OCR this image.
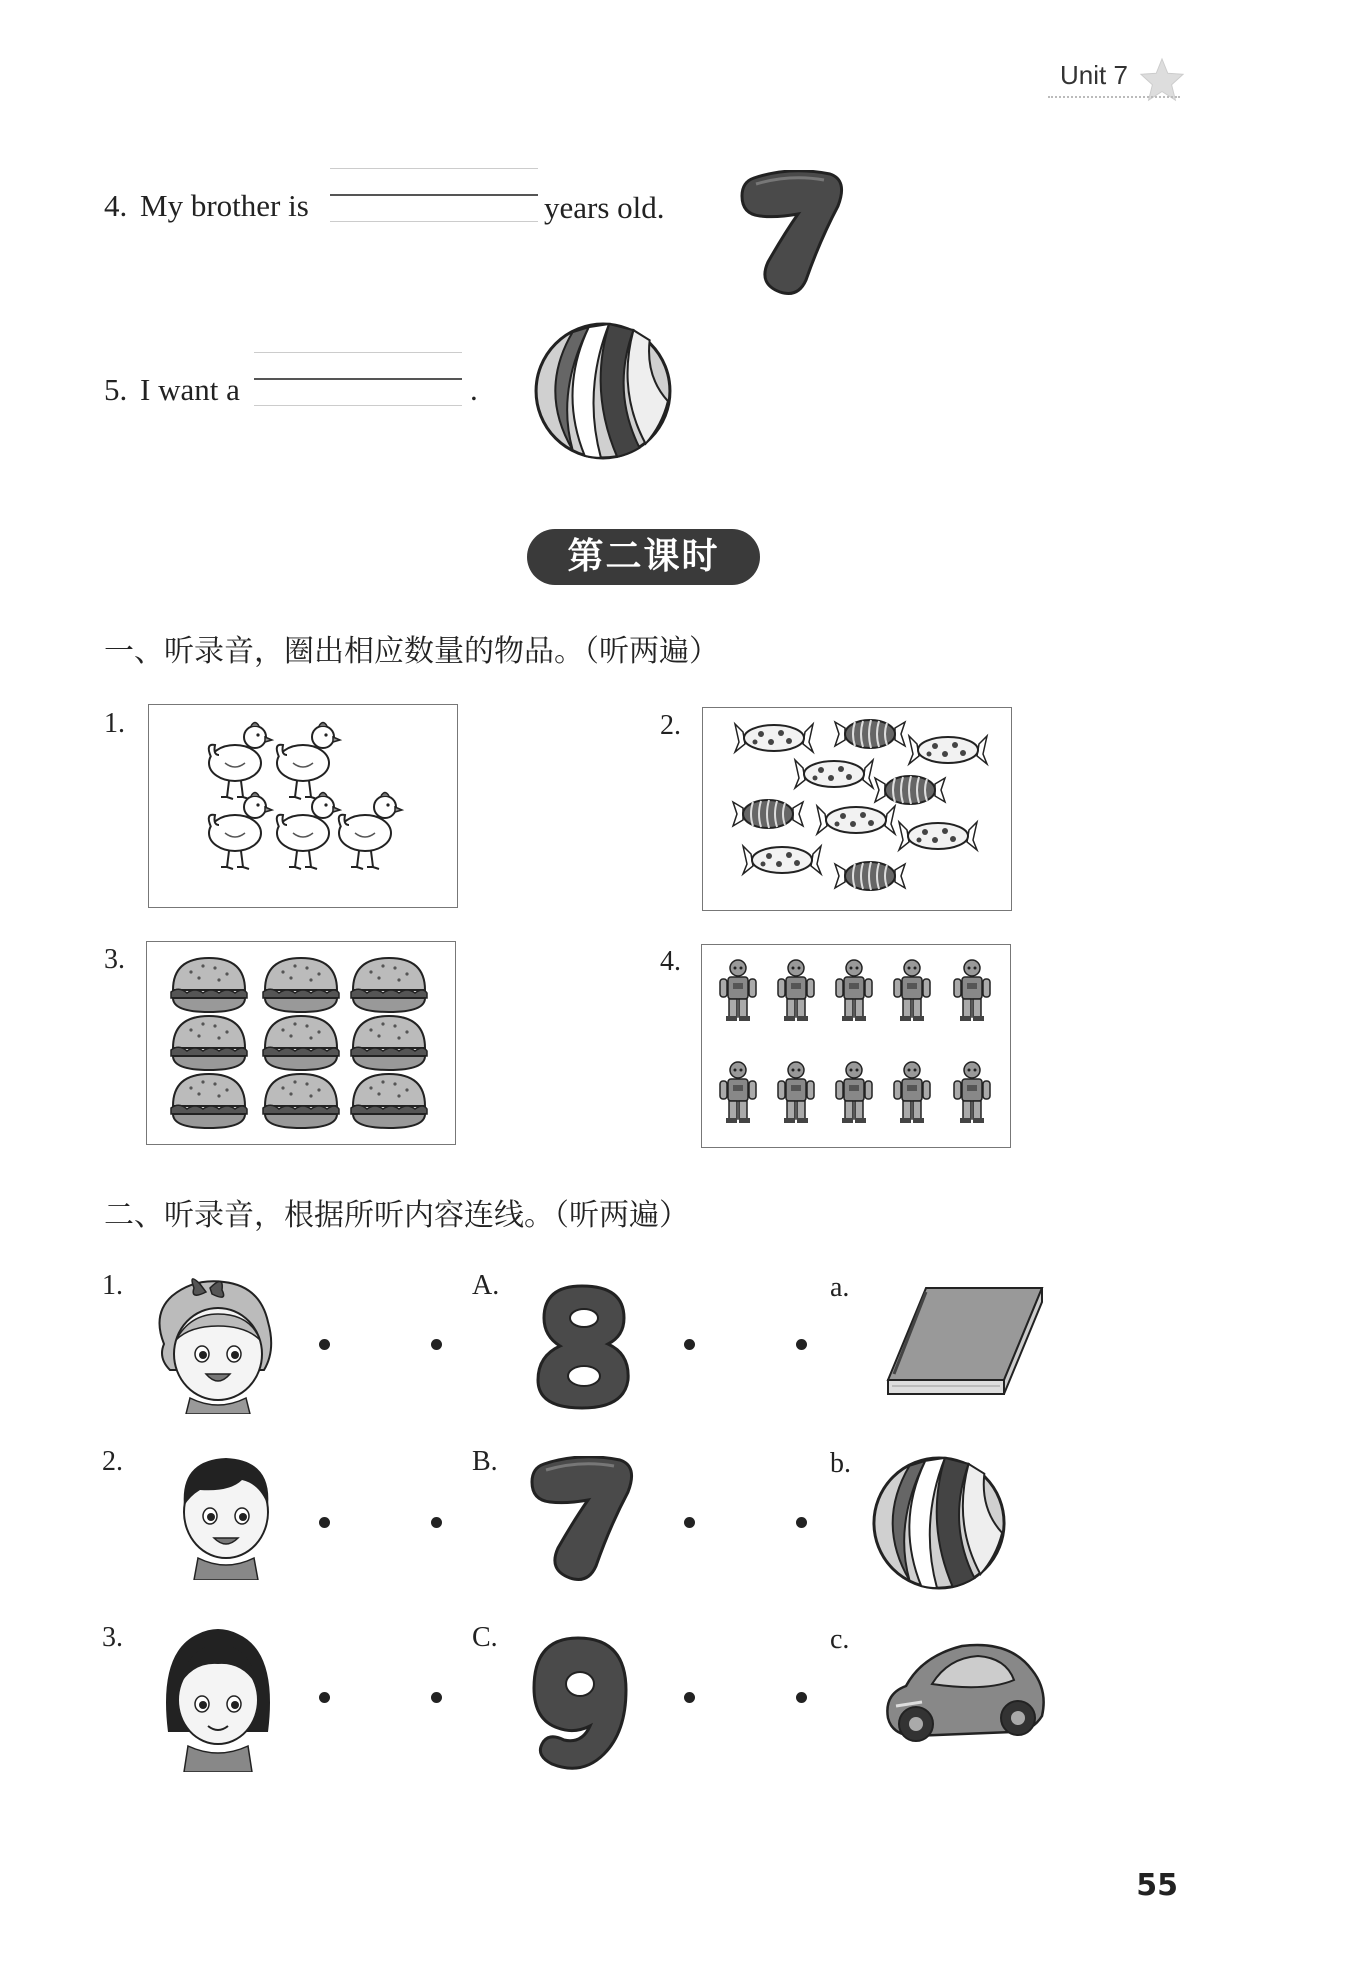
Unit 7
4. My brother is	years old.
5. I want a	.
第二课时
一、听录音，圈出相应数量的物品。（听两遍）
1.	2.
3.	4.
二、听录音，根据所听内容连线。（听两遍）
1.
2.
3.
A.
B.
C.
a.
b.
c.
55
